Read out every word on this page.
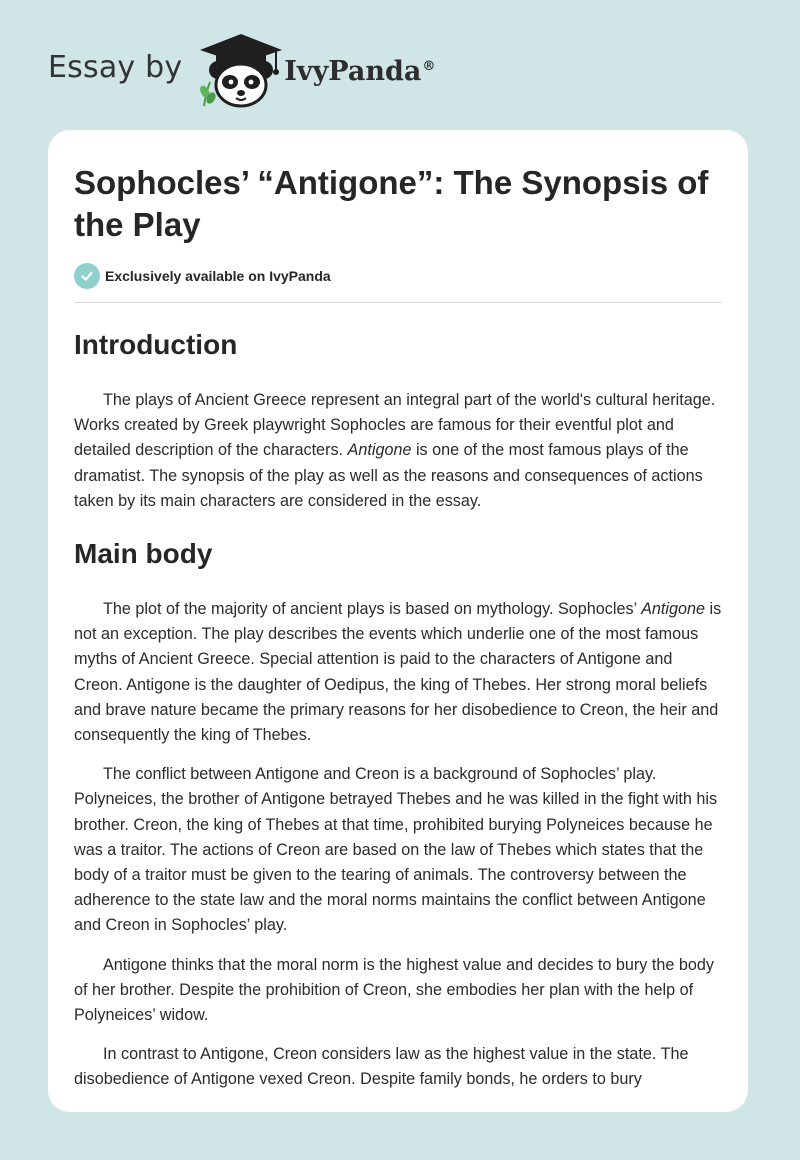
Essay by	IvyPanda®
Sophocles’ “Antigone”: The Synopsis of the Play
Exclusively available on IvyPanda
Introduction

The plays of Ancient Greece represent an integral part of the world's cultural heritage. Works created by Greek playwright Sophocles are famous for their eventful plot and detailed description of the characters. Antigone is one of the most famous plays of the dramatist. The synopsis of the play as well as the reasons and consequences of actions taken by its main characters are considered in the essay.

Main body

The plot of the majority of ancient plays is based on mythology. Sophocles’ Antigone is not an exception. The play describes the events which underlie one of the most famous myths of Ancient Greece. Special attention is paid to the characters of Antigone and Creon. Antigone is the daughter of Oedipus, the king of Thebes. Her strong moral beliefs and brave nature became the primary reasons for her disobedience to Creon, the heir and consequently the king of Thebes.

The conflict between Antigone and Creon is a background of Sophocles’ play. Polyneices, the brother of Antigone betrayed Thebes and he was killed in the fight with his brother. Creon, the king of Thebes at that time, prohibited burying Polyneices because he was a traitor. The actions of Creon are based on the law of Thebes which states that the body of a traitor must be given to the tearing of animals. The controversy between the adherence to the state law and the moral norms maintains the conflict between Antigone and Creon in Sophocles’ play.

Antigone thinks that the moral norm is the highest value and decides to bury the body of her brother. Despite the prohibition of Creon, she embodies her plan with the help of Polyneices’ widow.

In contrast to Antigone, Creon considers law as the highest value in the state. The disobedience of Antigone vexed Creon. Despite family bonds, he orders to bury
